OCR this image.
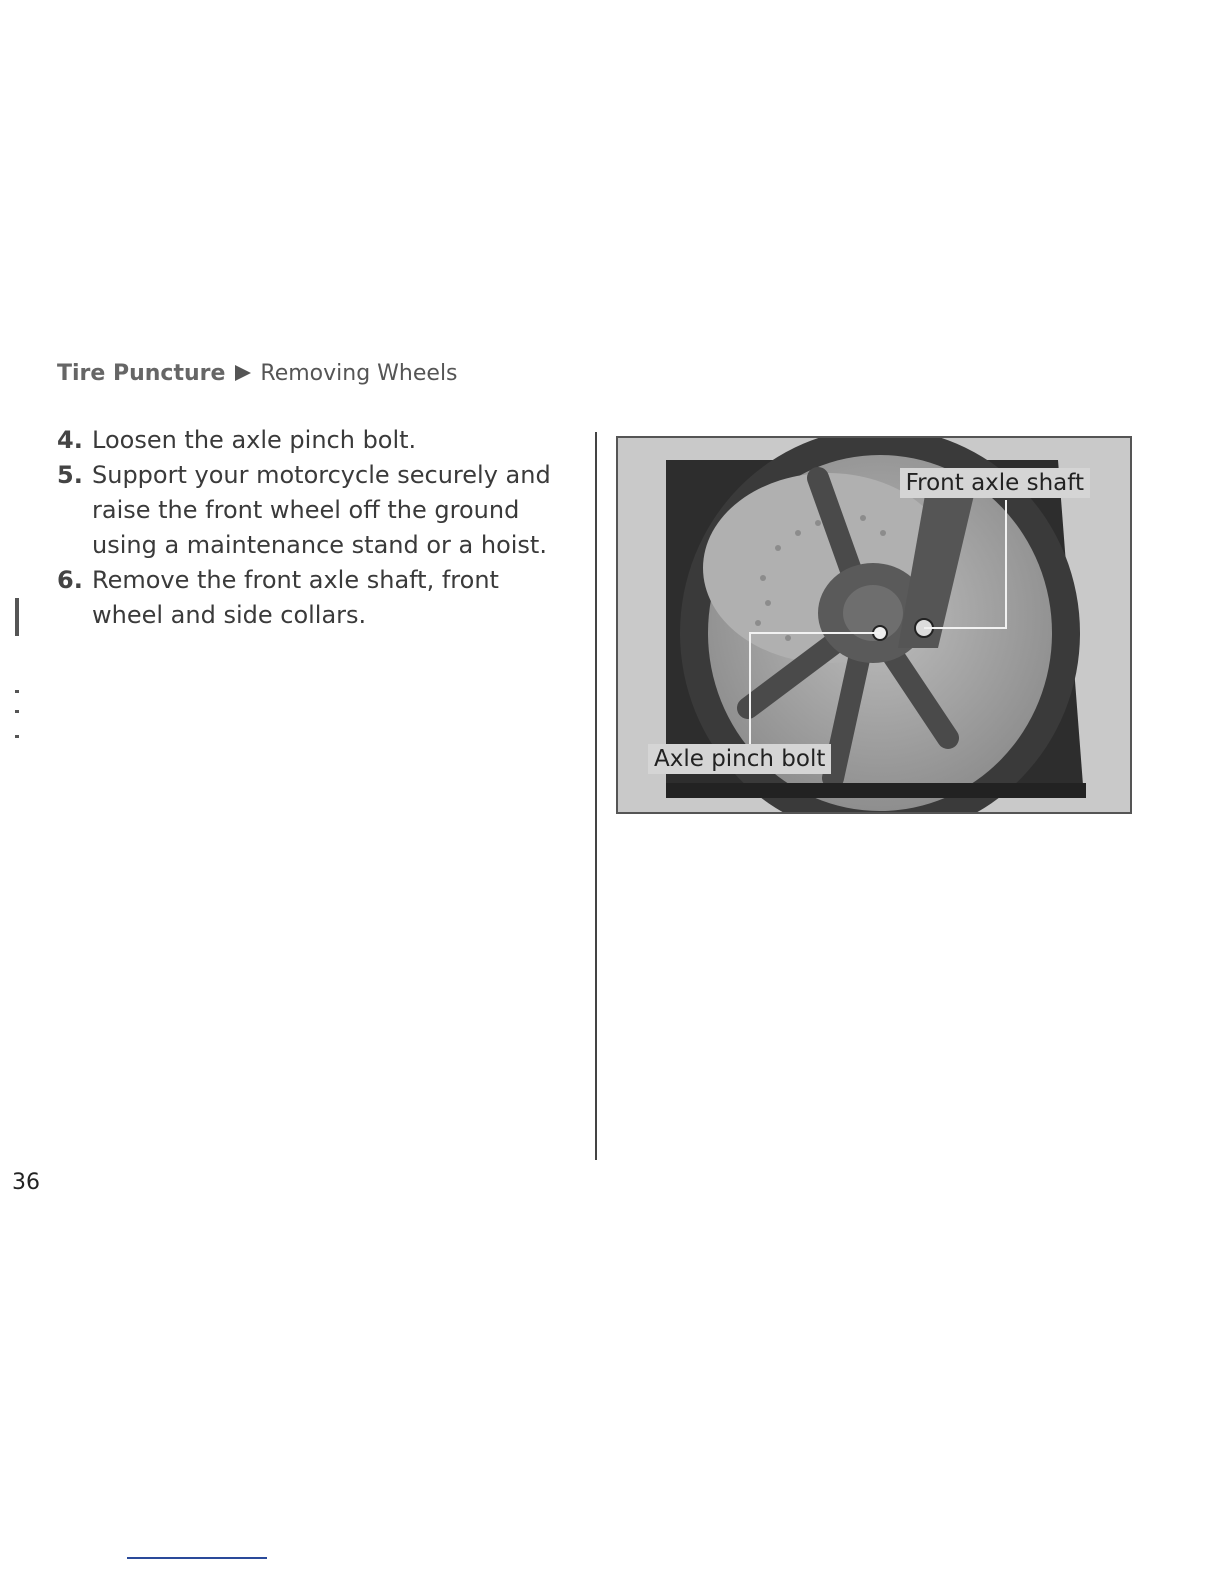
Tire Puncture Removing Wheels
4. Loosen the axle pinch bolt.
5. Support your motorcycle securely and raise the front wheel off the ground using a maintenance stand or a hoist.
6. Remove the front axle shaft, front wheel and side collars.
Front axle shaft
Axle pinch bolt
36
